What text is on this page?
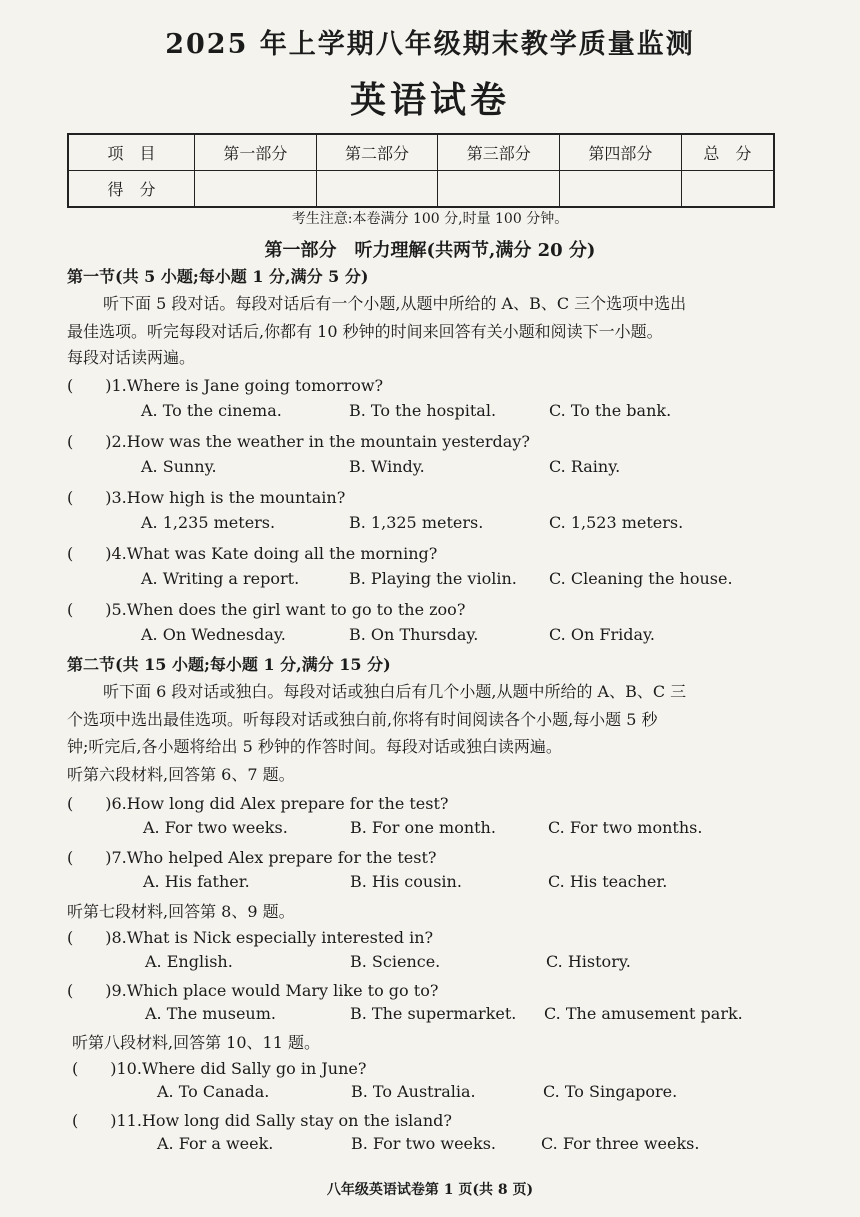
2025 年上学期八年级期末教学质量监测
英语试卷
项　目	第一部分	第二部分	第三部分	第四部分	总　分
得　分					
考生注意:本卷满分 100 分,时量 100 分钟。
第一部分　听力理解(共两节,满分 20 分)
第一节(共 5 小题;每小题 1 分,满分 5 分)
听下面 5 段对话。每段对话后有一个小题,从题中所给的 A、B、C 三个选项中选出
最佳选项。听完每段对话后,你都有 10 秒钟的时间来回答有关小题和阅读下一小题。
每段对话读两遍。
(　　)1.Where is Jane going tomorrow?
A. To the cinema.	B. To the hospital.	C. To the bank.
(　　)2.How was the weather in the mountain yesterday?
A. Sunny.	B. Windy.	C. Rainy.
(　　)3.How high is the mountain?
A. 1,235 meters.	B. 1,325 meters.	C. 1,523 meters.
(　　)4.What was Kate doing all the morning?
A. Writing a report.	B. Playing the violin. C. Cleaning the house.
(　　)5.When does the girl want to go to the zoo?
A. On Wednesday.	B. On Thursday.	C. On Friday.
第二节(共 15 小题;每小题 1 分,满分 15 分)
听下面 6 段对话或独白。每段对话或独白后有几个小题,从题中所给的 A、B、C 三
个选项中选出最佳选项。听每段对话或独白前,你将有时间阅读各个小题,每小题 5 秒
钟;听完后,各小题将给出 5 秒钟的作答时间。每段对话或独白读两遍。
听第六段材料,回答第 6、7 题。
(　　)6.How long did Alex prepare for the test?
A. For two weeks.	B. For one month.	C. For two months.
(　　)7.Who helped Alex prepare for the test?
A. His father.	B. His cousin.	C. His teacher.
听第七段材料,回答第 8、9 题。
(　　)8.What is Nick especially interested in?
A. English.	B. Science.	C. History.
(　　)9.Which place would Mary like to go to?
A. The museum.	B. The supermarket. C. The amusement park.
听第八段材料,回答第 10、11 题。
(　　)10.Where did Sally go in June?
A. To Canada.	B. To Australia.	C. To Singapore.
(　　)11.How long did Sally stay on the island?
A. For a week.	B. For two weeks.	C. For three weeks.
八年级英语试卷第 1 页(共 8 页)
